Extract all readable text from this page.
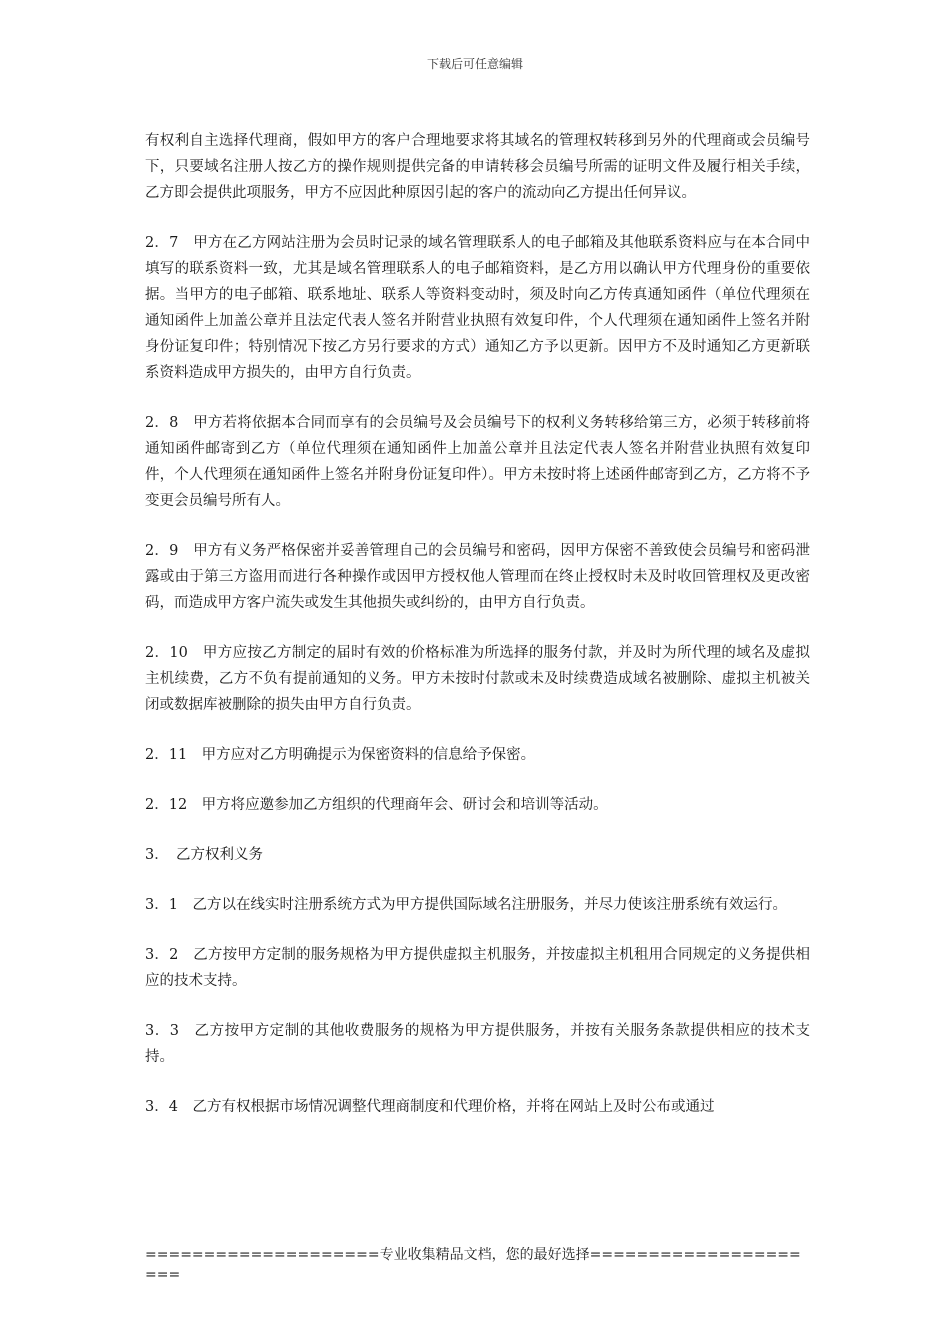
下载后可任意编辑

有权利自主选择代理商，假如甲方的客户合理地要求将其域名的管理权转移到另外的代理商或会员编号下，只要域名注册人按乙方的操作规则提供完备的申请转移会员编号所需的证明文件及履行相关手续，乙方即会提供此项服务，甲方不应因此种原因引起的客户的流动向乙方提出任何异议。

2．7　甲方在乙方网站注册为会员时记录的域名管理联系人的电子邮箱及其他联系资料应与在本合同中填写的联系资料一致，尤其是域名管理联系人的电子邮箱资料，是乙方用以确认甲方代理身份的重要依据。当甲方的电子邮箱、联系地址、联系人等资料变动时，须及时向乙方传真通知函件（单位代理须在通知函件上加盖公章并且法定代表人签名并附营业执照有效复印件，个人代理须在通知函件上签名并附身份证复印件；特别情况下按乙方另行要求的方式）通知乙方予以更新。因甲方不及时通知乙方更新联系资料造成甲方损失的，由甲方自行负责。

2．8　甲方若将依据本合同而享有的会员编号及会员编号下的权利义务转移给第三方，必须于转移前将通知函件邮寄到乙方（单位代理须在通知函件上加盖公章并且法定代表人签名并附营业执照有效复印件，个人代理须在通知函件上签名并附身份证复印件）。甲方未按时将上述函件邮寄到乙方，乙方将不予变更会员编号所有人。

2．9　甲方有义务严格保密并妥善管理自己的会员编号和密码，因甲方保密不善致使会员编号和密码泄露或由于第三方盗用而进行各种操作或因甲方授权他人管理而在终止授权时未及时收回管理权及更改密码，而造成甲方客户流失或发生其他损失或纠纷的，由甲方自行负责。

2．10　甲方应按乙方制定的届时有效的价格标准为所选择的服务付款，并及时为所代理的域名及虚拟主机续费，乙方不负有提前通知的义务。甲方未按时付款或未及时续费造成域名被删除、虚拟主机被关闭或数据库被删除的损失由甲方自行负责。

2．11　甲方应对乙方明确提示为保密资料的信息给予保密。

2．12　甲方将应邀参加乙方组织的代理商年会、研讨会和培训等活动。

3．　乙方权利义务

3．1　乙方以在线实时注册系统方式为甲方提供国际域名注册服务，并尽力使该注册系统有效运行。

3．2　乙方按甲方定制的服务规格为甲方提供虚拟主机服务，并按虚拟主机租用合同规定的义务提供相应的技术支持。

3．3　乙方按甲方定制的其他收费服务的规格为甲方提供服务，并按有关服务条款提供相应的技术支持。

3．4　乙方有权根据市场情况调整代理商制度和代理价格，并将在网站上及时公布或通过

====================专业收集精品文档，您的最好选择=====================
